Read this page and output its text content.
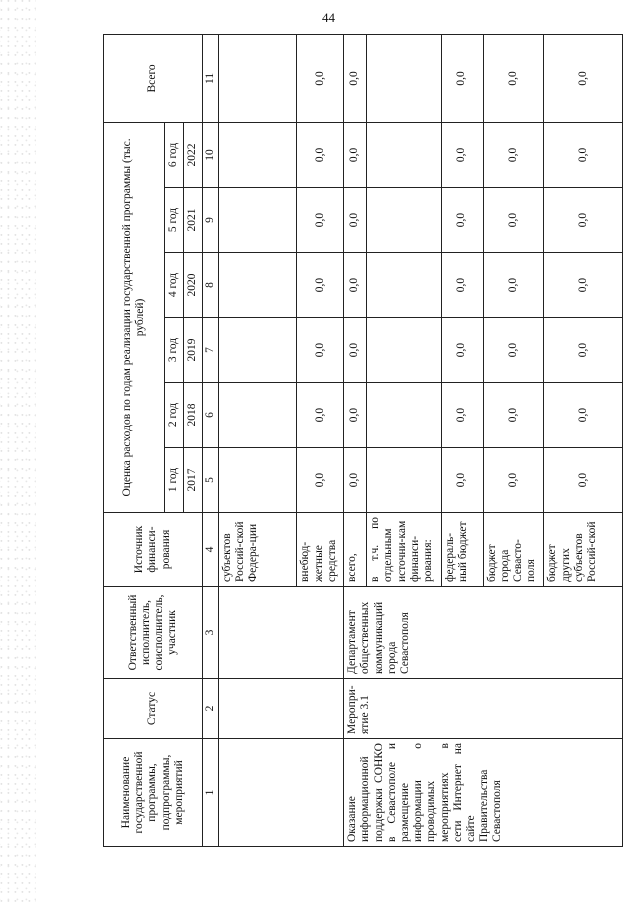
44
Наименование государственной программы, подпрограммы, мероприятий	Статус	Ответственный исполнитель, соисполнитель, участник	Источник финанси-рования	Оценка расходов по годам реализации государственной программы (тыс. рублей)						Всего
				1 год	2 год	3 год	4 год	5 год	6 год	
				2017	2018	2019	2020	2021	2022	
1	2	3	4	5	6	7	8	9	10	11
			субъектов Россий-ской Федера-ции							
			внебюд-жетные средства	0,0	0,0	0,0	0,0	0,0	0,0	0,0
Оказание информационной поддержки СОНКО в Севастополе и размещение информации о проводимых мероприятиях в сети Интернет на сайте Правительства Севастополя	Меропри-ятие 3.1	Департамент общественных коммуникаций города Севастополя	всего,	0,0	0,0	0,0	0,0	0,0	0,0	0,0
			в т.ч. по отдельным источни-кам финанси-рования:							
			федераль-ный бюджет	0,0	0,0	0,0	0,0	0,0	0,0	0,0
			бюджет города Севасто-поля	0,0	0,0	0,0	0,0	0,0	0,0	0,0
			бюджет других субъектов Россий-ской	0,0	0,0	0,0	0,0	0,0	0,0	0,0
